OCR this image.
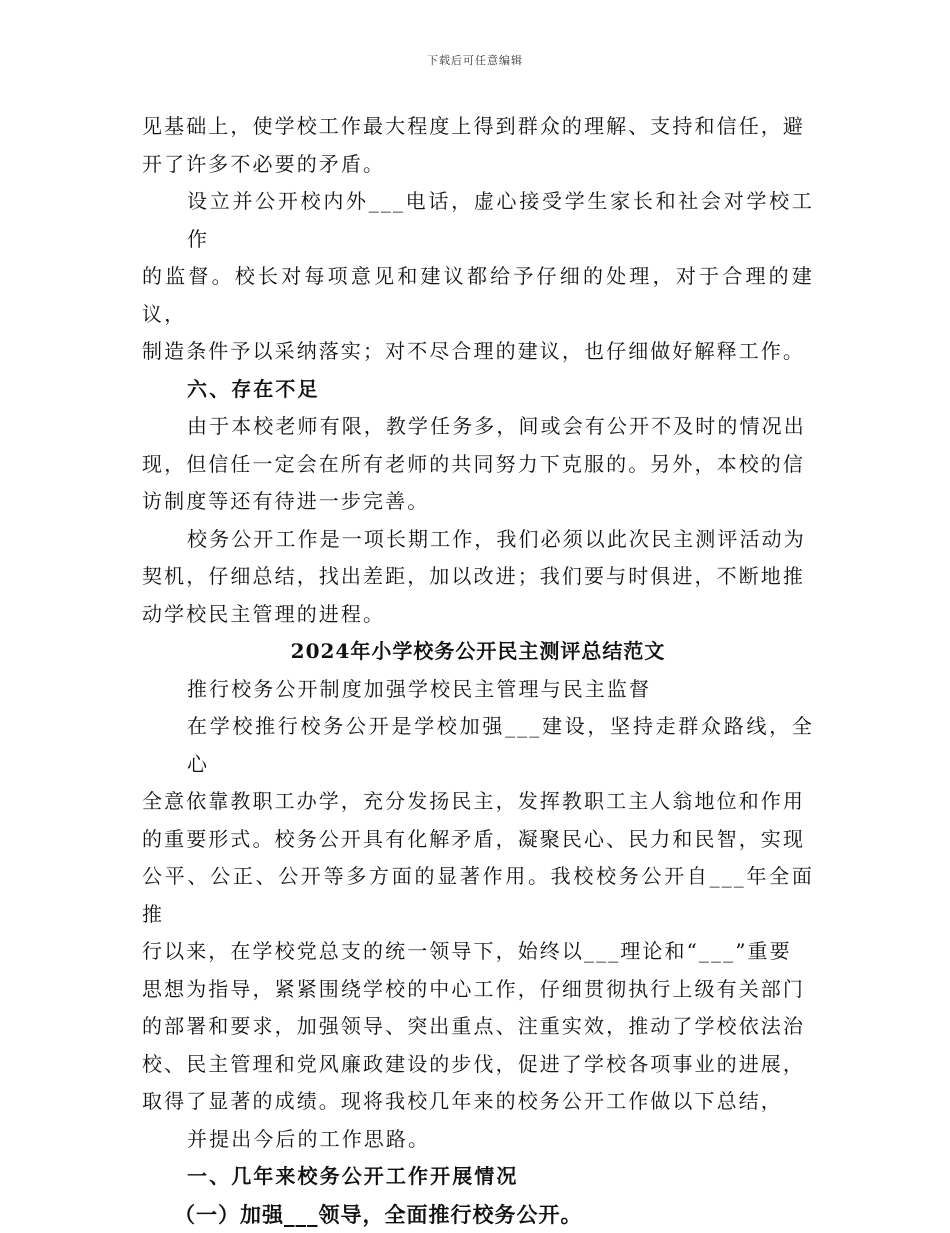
下载后可任意编辑

见基础上，使学校工作最大程度上得到群众的理解、支持和信任，避
开了许多不必要的矛盾。

设立并公开校内外___电话，虚心接受学生家长和社会对学校工作
的监督。校长对每项意见和建议都给予仔细的处理，对于合理的建议，
制造条件予以采纳落实；对不尽合理的建议，也仔细做好解释工作。

六、存在不足

由于本校老师有限，教学任务多，间或会有公开不及时的情况出
现，但信任一定会在所有老师的共同努力下克服的。另外，本校的信
访制度等还有待进一步完善。

校务公开工作是一项长期工作，我们必须以此次民主测评活动为
契机，仔细总结，找出差距，加以改进；我们要与时俱进，不断地推
动学校民主管理的进程。

2024年小学校务公开民主测评总结范文

推行校务公开制度加强学校民主管理与民主监督

在学校推行校务公开是学校加强___建设，坚持走群众路线，全心
全意依靠教职工办学，充分发扬民主，发挥教职工主人翁地位和作用
的重要形式。校务公开具有化解矛盾，凝聚民心、民力和民智，实现
公平、公正、公开等多方面的显著作用。我校校务公开自___年全面推
行以来，在学校党总支的统一领导下，始终以___理论和“___”重要
思想为指导，紧紧围绕学校的中心工作，仔细贯彻执行上级有关部门
的部署和要求，加强领导、突出重点、注重实效，推动了学校依法治
校、民主管理和党风廉政建设的步伐，促进了学校各项事业的进展，
取得了显著的成绩。现将我校几年来的校务公开工作做以下总结，

并提出今后的工作思路。

一、几年来校务公开工作开展情况

（一）加强___领导，全面推行校务公开。
